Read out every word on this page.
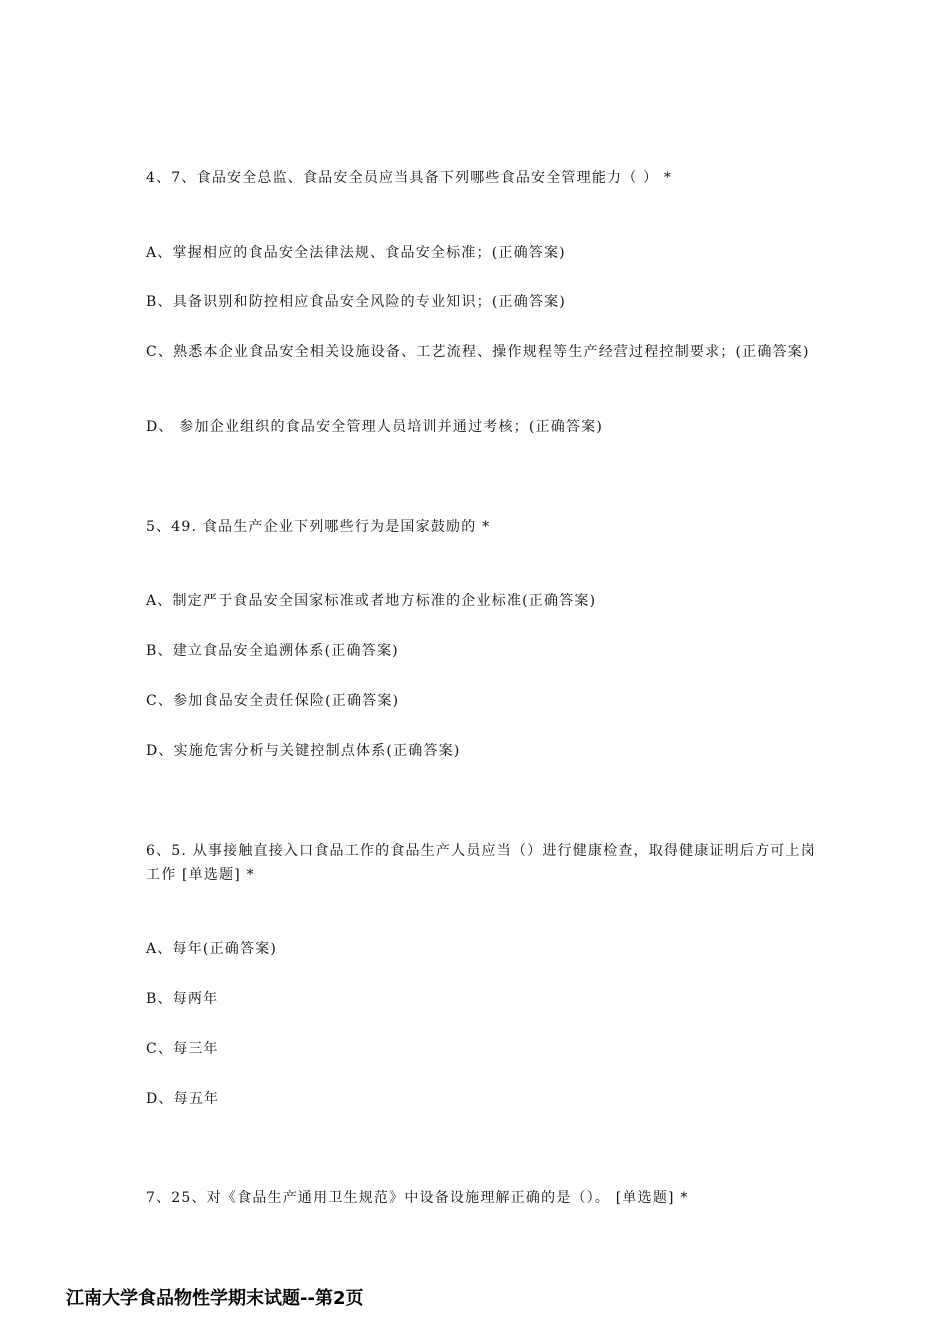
4、7、食品安全总监、食品安全员应当具备下列哪些食品安全管理能力（ ） *
A、掌握相应的食品安全法律法规、食品安全标准；(正确答案)
B、具备识别和防控相应食品安全风险的专业知识；(正确答案)
C、熟悉本企业食品安全相关设施设备、工艺流程、操作规程等生产经营过程控制要求；(正确答案)
D、 参加企业组织的食品安全管理人员培训并通过考核；(正确答案)
5、49. 食品生产企业下列哪些行为是国家鼓励的 *
A、制定严于食品安全国家标准或者地方标准的企业标准(正确答案)
B、建立食品安全追溯体系(正确答案)
C、参加食品安全责任保险(正确答案)
D、实施危害分析与关键控制点体系(正确答案)
6、5. 从事接触直接入口食品工作的食品生产人员应当（）进行健康检查，取得健康证明后方可上岗工作 [单选题] *
A、每年(正确答案)
B、每两年
C、每三年
D、每五年
7、25、对《食品生产通用卫生规范》中设备设施理解正确的是（）。 [单选题] *
江南大学食品物性学期末试题--第2页
